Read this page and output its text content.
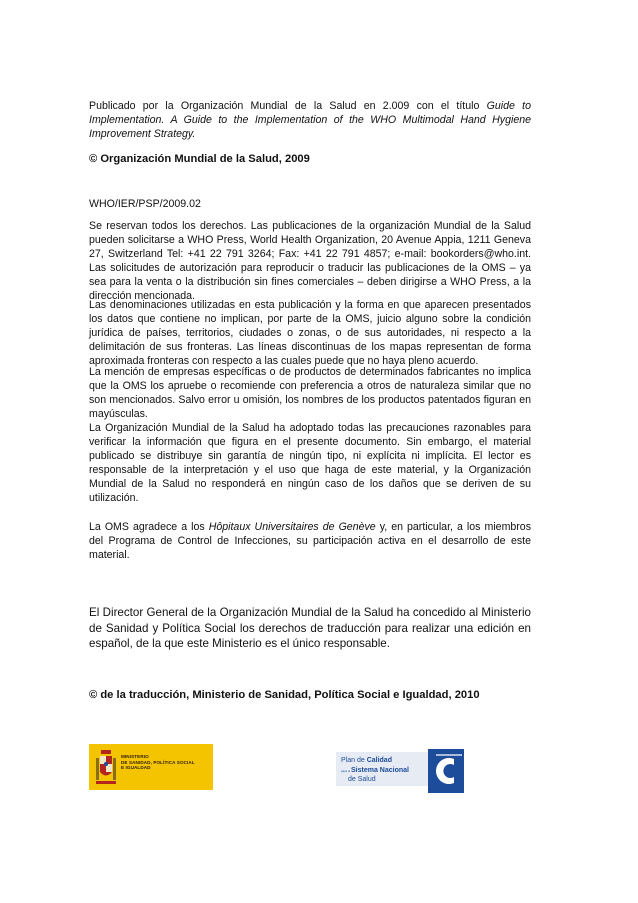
Publicado por la Organización Mundial de la Salud en 2.009 con el título Guide to Implementation. A Guide to the Implementation of the WHO Multimodal Hand Hygiene Improvement Strategy.

© Organización Mundial de la Salud, 2009
WHO/IER/PSP/2009.02
Se reservan todos los derechos. Las publicaciones de la organización Mundial de la Salud pueden solicitarse a WHO Press, World Health Organization, 20 Avenue Appia, 1211 Geneva 27, Switzerland Tel: +41 22 791 3264; Fax: +41 22 791 4857; e-mail: bookorders@who.int. Las solicitudes de autorización para reproducir o traducir las publicaciones de la OMS – ya sea para la venta o la distribución sin fines comerciales – deben dirigirse a WHO Press, a la dirección mencionada.
Las denominaciones utilizadas en esta publicación y la forma en que aparecen presentados los datos que contiene no implican, por parte de la OMS, juicio alguno sobre la condición jurídica de países, territorios, ciudades o zonas, o de sus autoridades, ni respecto a la delimitación de sus fronteras. Las líneas discontinuas de los mapas representan de forma aproximada fronteras con respecto a las cuales puede que no haya pleno acuerdo.
La mención de empresas específicas o de productos de determinados fabricantes no implica que la OMS los apruebe o recomiende con preferencia a otros de naturaleza similar que no son mencionados. Salvo error u omisión, los nombres de los productos patentados figuran en mayúsculas.
La Organización Mundial de la Salud ha adoptado todas las precauciones razonables para verificar la información que figura en el presente documento. Sin embargo, el material publicado se distribuye sin garantía de ningún tipo, ni explícita ni implícita. El lector es responsable de la interpretación y el uso que haga de este material, y la Organización Mundial de la Salud no responderá en ningún caso de los daños que se deriven de su utilización.

La OMS agradece a los Hôpitaux Universitaires de Genève y, en particular, a los miembros del Programa de Control de Infecciones, su participación activa en el desarrollo de este material.

El Director General de la Organización Mundial de la Salud ha concedido al Ministerio de Sanidad y Política Social los derechos de traducción para realizar una edición en español, de la que este Ministerio es el único responsable.
© de la traducción, Ministerio de Sanidad, Política Social e Igualdad, 2010
MINISTERIO
DE SANIDAD, POLÍTICA SOCIAL
E IGUALDAD
Plan de Calidad
para el Sistema Nacional
de Salud
